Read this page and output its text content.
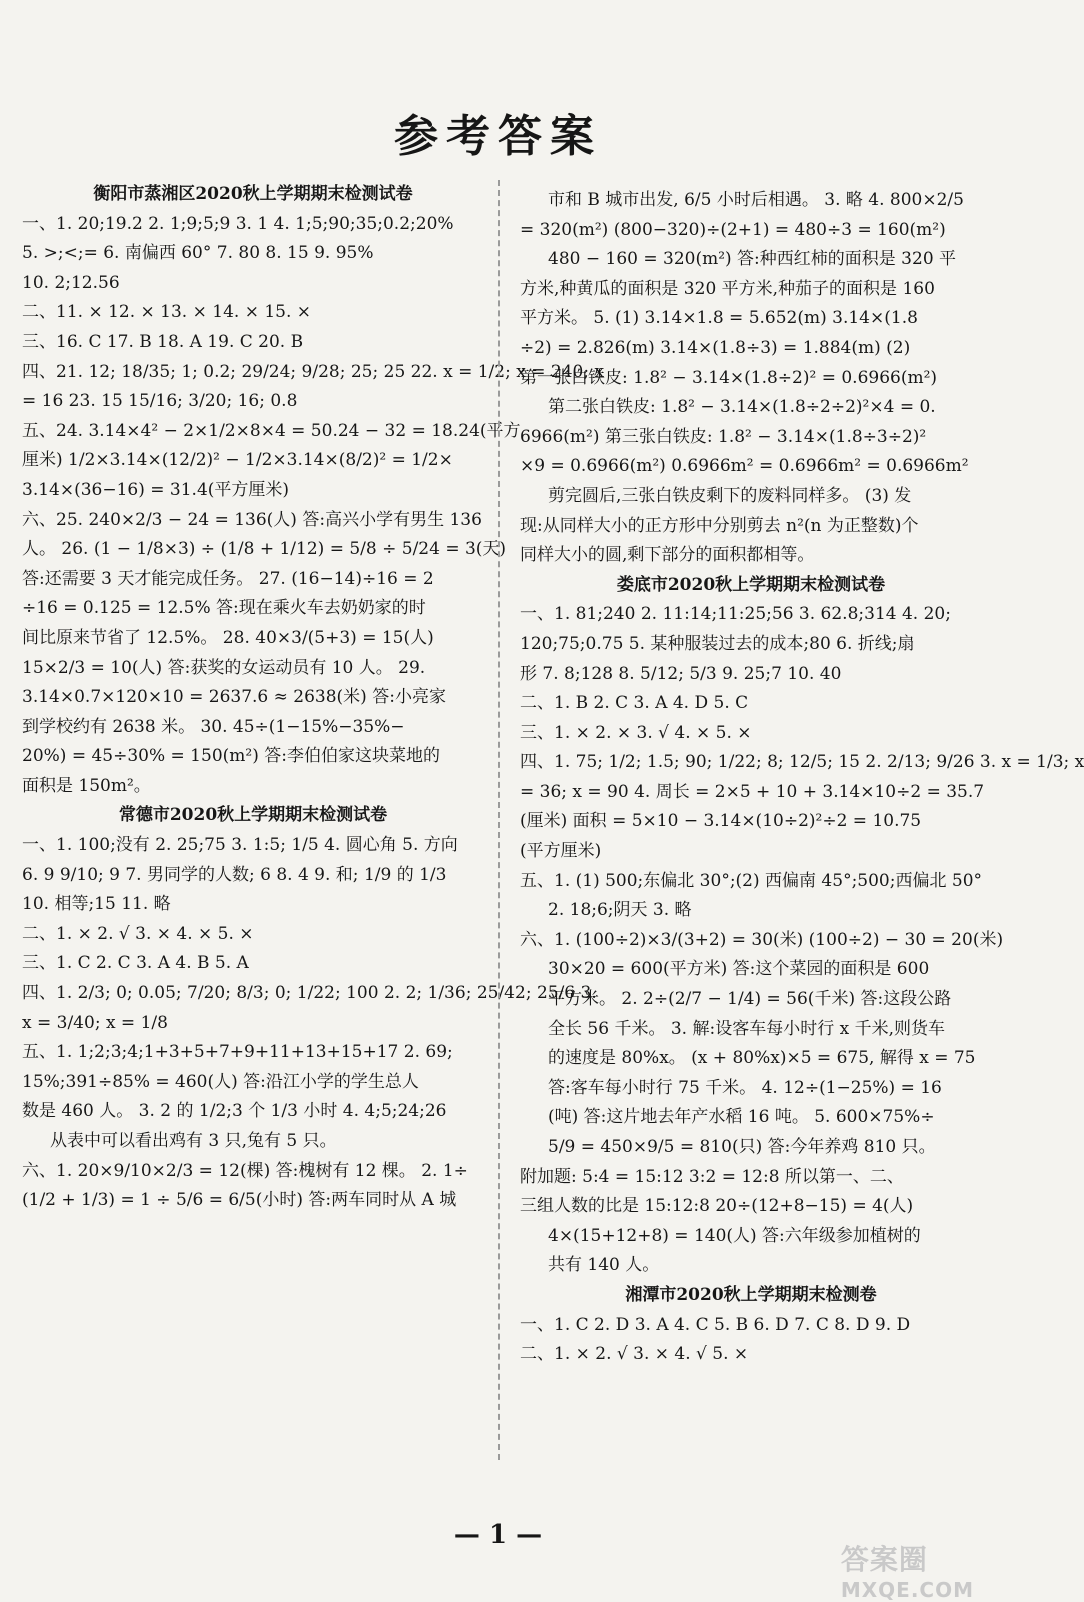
参考答案
衡阳市蒸湘区2020秋上学期期末检测试卷
一、1. 20;19.2 2. 1;9;5;9 3. 1 4. 1;5;90;35;0.2;20%
5. >;<;= 6. 南偏西 60° 7. 80 8. 15 9. 95%
10. 2;12.56
二、11. × 12. × 13. × 14. × 15. ×
三、16. C 17. B 18. A 19. C 20. B
四、21. 12; 18/35; 1; 0.2; 29/24; 9/28; 25; 25 22. x = 1/2; x = 240; x
= 16 23. 15 15/16; 3/20; 16; 0.8
五、24. 3.14×4² − 2×1/2×8×4 = 50.24 − 32 = 18.24(平方
厘米) 1/2×3.14×(12/2)² − 1/2×3.14×(8/2)² = 1/2×
3.14×(36−16) = 31.4(平方厘米)
六、25. 240×2/3 − 24 = 136(人) 答:高兴小学有男生 136
人。 26. (1 − 1/8×3) ÷ (1/8 + 1/12) = 5/8 ÷ 5/24 = 3(天)
答:还需要 3 天才能完成任务。 27. (16−14)÷16 = 2
÷16 = 0.125 = 12.5% 答:现在乘火车去奶奶家的时
间比原来节省了 12.5%。 28. 40×3/(5+3) = 15(人)
15×2/3 = 10(人) 答:获奖的女运动员有 10 人。 29.
3.14×0.7×120×10 = 2637.6 ≈ 2638(米) 答:小亮家
到学校约有 2638 米。 30. 45÷(1−15%−35%−
20%) = 45÷30% = 150(m²) 答:李伯伯家这块菜地的
面积是 150m²。
常德市2020秋上学期期末检测试卷
一、1. 100;没有 2. 25;75 3. 1:5; 1/5 4. 圆心角 5. 方向
6. 9 9/10; 9 7. 男同学的人数; 6 8. 4 9. 和; 1/9 的 1/3
10. 相等;15 11. 略
二、1. × 2. √ 3. × 4. × 5. ×
三、1. C 2. C 3. A 4. B 5. A
四、1. 2/3; 0; 0.05; 7/20; 8/3; 0; 1/22; 100 2. 2; 1/36; 25/42; 25/6 3.
x = 3/40; x = 1/8
五、1. 1;2;3;4;1+3+5+7+9+11+13+15+17 2. 69;
15%;391÷85% = 460(人) 答:沿江小学的学生总人
数是 460 人。 3. 2 的 1/2;3 个 1/3 小时 4. 4;5;24;26
从表中可以看出鸡有 3 只,兔有 5 只。
六、1. 20×9/10×2/3 = 12(棵) 答:槐树有 12 棵。 2. 1÷
(1/2 + 1/3) = 1 ÷ 5/6 = 6/5(小时) 答:两车同时从 A 城
市和 B 城市出发, 6/5 小时后相遇。 3. 略 4. 800×2/5
= 320(m²) (800−320)÷(2+1) = 480÷3 = 160(m²)
480 − 160 = 320(m²) 答:种西红柿的面积是 320 平
方米,种黄瓜的面积是 320 平方米,种茄子的面积是 160
平方米。 5. (1) 3.14×1.8 = 5.652(m) 3.14×(1.8
÷2) = 2.826(m) 3.14×(1.8÷3) = 1.884(m) (2)
第一张白铁皮: 1.8² − 3.14×(1.8÷2)² = 0.6966(m²)
第二张白铁皮: 1.8² − 3.14×(1.8÷2÷2)²×4 = 0.
6966(m²) 第三张白铁皮: 1.8² − 3.14×(1.8÷3÷2)²
×9 = 0.6966(m²) 0.6966m² = 0.6966m² = 0.6966m²
剪完圆后,三张白铁皮剩下的废料同样多。 (3) 发
现:从同样大小的正方形中分别剪去 n²(n 为正整数)个
同样大小的圆,剩下部分的面积都相等。
娄底市2020秋上学期期末检测试卷
一、1. 81;240 2. 11:14;11:25;56 3. 62.8;314 4. 20;
120;75;0.75 5. 某种服装过去的成本;80 6. 折线;扇
形 7. 8;128 8. 5/12; 5/3 9. 25;7 10. 40
二、1. B 2. C 3. A 4. D 5. C
三、1. × 2. × 3. √ 4. × 5. ×
四、1. 75; 1/2; 1.5; 90; 1/22; 8; 12/5; 15 2. 2/13; 9/26 3. x = 1/3; x
= 36; x = 90 4. 周长 = 2×5 + 10 + 3.14×10÷2 = 35.7
(厘米) 面积 = 5×10 − 3.14×(10÷2)²÷2 = 10.75
(平方厘米)
五、1. (1) 500;东偏北 30°;(2) 西偏南 45°;500;西偏北 50°
2. 18;6;阴天 3. 略
六、1. (100÷2)×3/(3+2) = 30(米) (100÷2) − 30 = 20(米)
30×20 = 600(平方米) 答:这个菜园的面积是 600
平方米。 2. 2÷(2/7 − 1/4) = 56(千米) 答:这段公路
全长 56 千米。 3. 解:设客车每小时行 x 千米,则货车
的速度是 80%x。 (x + 80%x)×5 = 675, 解得 x = 75
答:客车每小时行 75 千米。 4. 12÷(1−25%) = 16
(吨) 答:这片地去年产水稻 16 吨。 5. 600×75%÷
5/9 = 450×9/5 = 810(只) 答:今年养鸡 810 只。
附加题: 5:4 = 15:12 3:2 = 12:8 所以第一、二、
三组人数的比是 15:12:8 20÷(12+8−15) = 4(人)
4×(15+12+8) = 140(人) 答:六年级参加植树的
共有 140 人。
湘潭市2020秋上学期期末检测卷
一、1. C 2. D 3. A 4. C 5. B 6. D 7. C 8. D 9. D
二、1. × 2. √ 3. × 4. √ 5. ×
— 1 —
答案圈
MXQE.COM
